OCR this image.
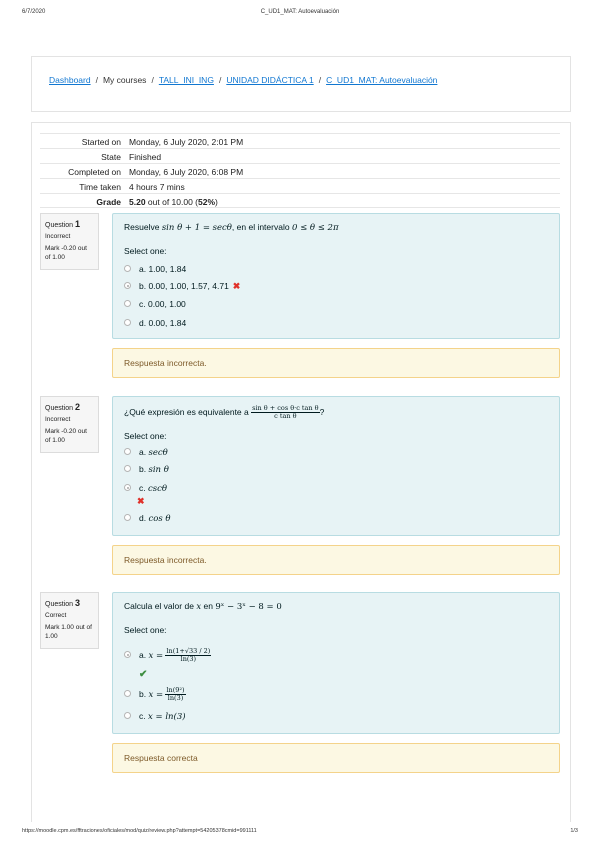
6/7/2020	C_UD1_MAT: Autoevaluación
Dashboard / My courses / TALL_INI_ING / UNIDAD DIDÁCTICA 1 / C_UD1_MAT: Autoevaluación
Started on Monday, 6 July 2020, 2:01 PM
State Finished
Completed on Monday, 6 July 2020, 6:08 PM
Time taken 4 hours 7 mins
Grade 5.20 out of 10.00 (52%)
Question 1
Incorrect
Mark -0.20 out of 1.00
Resuelve sin θ + 1 = secθ, en el intervalo 0 ≤ θ ≤ 2π
Select one:
a. 1.00, 1.84
b. 0.00, 1.00, 1.57, 4.71 ✖
c. 0.00, 1.00
d. 0.00, 1.84
Respuesta incorrecta.
Question 2
Incorrect
Mark -0.20 out of 1.00
¿Qué expresión es equivalente a $\frac{\text{sin θ + cos θ·c tan θ}}{\text{c tan θ}}$ ?
Select one:
a. secθ
b. sin θ
c. cscθ
✖
d. cos θ
Respuesta incorrecta.
Question 3
Correct
Mark 1.00 out of 1.00
Calcula el valor de x en 9ˣ − 3ˣ − 8 = 0
Select one:
a. $x = \frac{\ln(1+√33 / 2)}{\ln(3)}$
✔
b. $x = \frac{\text{ln(9²)}}{\ln(3)}$
c. x = ln(3)
Respuesta correcta
https://moodle.cpm.es/fftraciones/oficiales/mod/quiz/review.php?attempt=54205378cmid=991111	1/3
